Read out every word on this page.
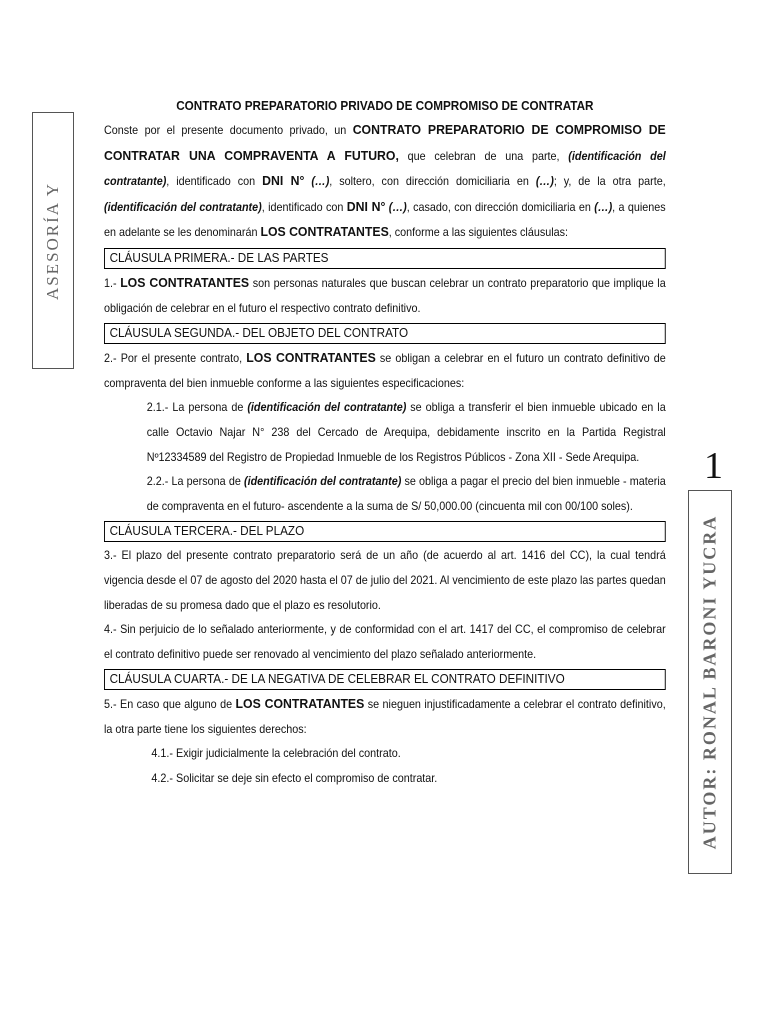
ASESORÍA Y
1
AUTOR: RONAL BARONI YUCRA
CONTRATO PREPARATORIO PRIVADO DE COMPROMISO DE CONTRATAR

Conste por el presente documento privado, un CONTRATO PREPARATORIO DE COMPROMISO DE CONTRATAR UNA COMPRAVENTA A FUTURO, que celebran de una parte, (identificación del contratante), identificado con DNI N° (…), soltero, con dirección domiciliaria en (…); y, de la otra parte, (identificación del contratante), identificado con DNI N° (…), casado, con dirección domiciliaria en (…), a quienes en adelante se les denominarán LOS CONTRATANTES, conforme a las siguientes cláusulas:

CLÁUSULA PRIMERA.- DE LAS PARTES

1.- LOS CONTRATANTES son personas naturales que buscan celebrar un contrato preparatorio que implique la obligación de celebrar en el futuro el respectivo contrato definitivo.

CLÁUSULA SEGUNDA.- DEL OBJETO DEL CONTRATO

2.- Por el presente contrato, LOS CONTRATANTES se obligan a celebrar en el futuro un contrato definitivo de compraventa del bien inmueble conforme a las siguientes especificaciones:

2.1.- La persona de (identificación del contratante) se obliga a transferir el bien inmueble ubicado en la calle Octavio Najar N° 238 del Cercado de Arequipa, debidamente inscrito en la Partida Registral Nº12334589 del Registro de Propiedad Inmueble de los Registros Públicos - Zona XII - Sede Arequipa.

2.2.- La persona de (identificación del contratante) se obliga a pagar el precio del bien inmueble - materia de compraventa en el futuro- ascendente a la suma de S/ 50,000.00 (cincuenta mil con 00/100 soles).

CLÁUSULA TERCERA.- DEL PLAZO

3.- El plazo del presente contrato preparatorio será de un año (de acuerdo al art. 1416 del CC), la cual tendrá vigencia desde el 07 de agosto del 2020 hasta el 07 de julio del 2021. Al vencimiento de este plazo las partes quedan liberadas de su promesa dado que el plazo es resolutorio.

4.- Sin perjuicio de lo señalado anteriormente, y de conformidad con el art. 1417 del CC, el compromiso de celebrar el contrato definitivo puede ser renovado al vencimiento del plazo señalado anteriormente.

CLÁUSULA CUARTA.- DE LA NEGATIVA DE CELEBRAR EL CONTRATO DEFINITIVO

5.- En caso que alguno de LOS CONTRATANTES se nieguen injustificadamente a celebrar el contrato definitivo, la otra parte tiene los siguientes derechos:

4.1.- Exigir judicialmente la celebración del contrato.

4.2.- Solicitar se deje sin efecto el compromiso de contratar.
